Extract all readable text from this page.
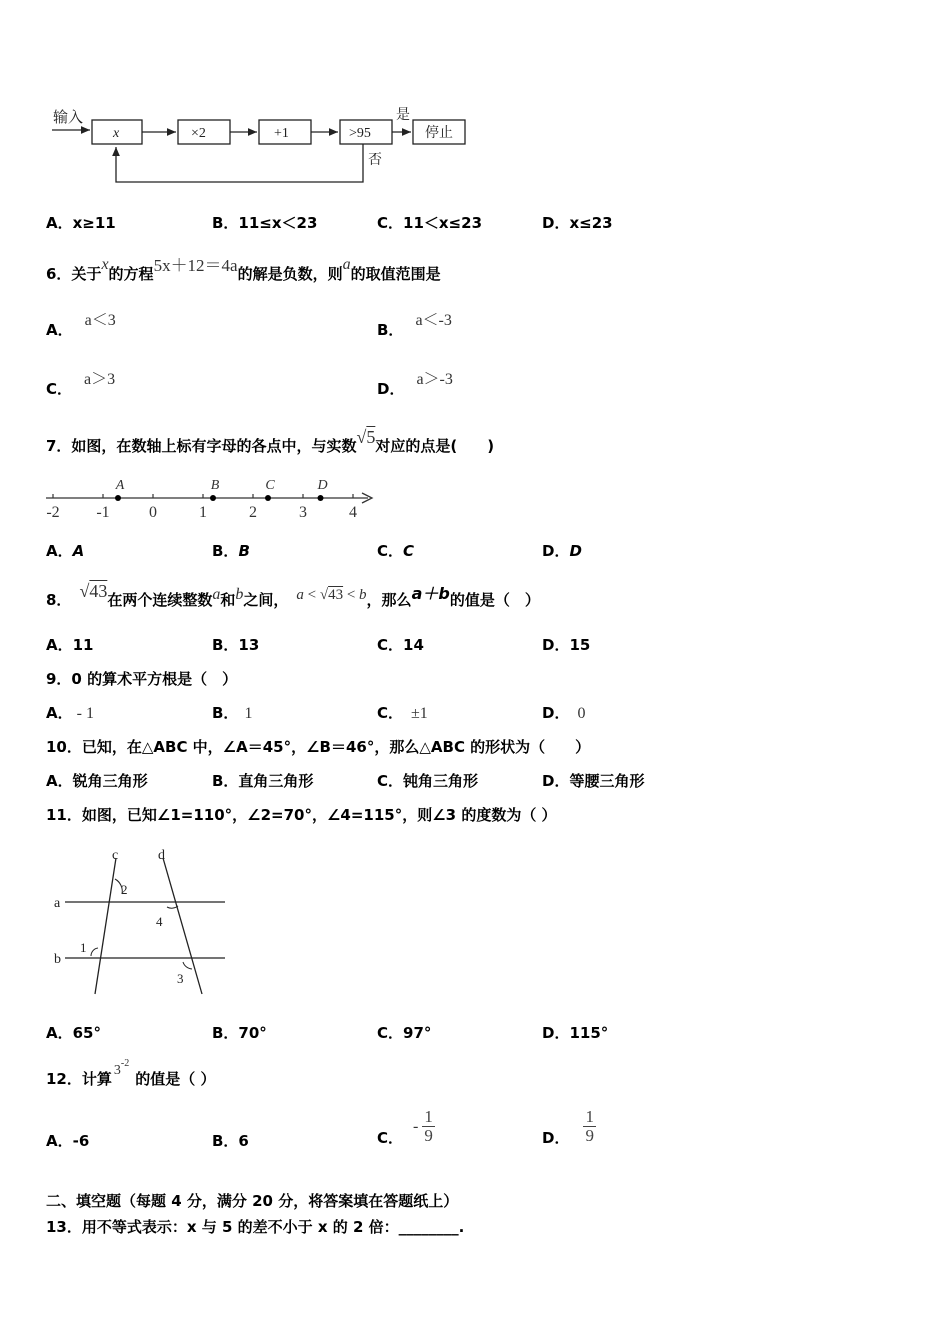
输入
x	×2	+1	>95
是
停止
否
A．x≥11	B．11≤x＜23	C．11＜x≤23	D．x≤23
6．关于x的方程5x＋12＝4a的解是负数，则a的取值范围是
A．a＜3
B．a＜-3
C．a＞3
D．a＞-3
7．如图，在数轴上标有字母的各点中，与实数√5对应的点是(　　)
-2 -1 0	1	2	3	4
A	B	C	D
A．A	B．B	C．C	D．D
8． √43在两个连续整数a和b之间， a < √43 < b，那么a＋b的值是（　）
A．11	B．13	C．14	D．15
9．0 的算术平方根是（　）
A． - 1	B． 1	C． ±1	D． 0
10．已知，在△ABC 中，∠A＝45°，∠B＝46°，那么△ABC 的形状为（　　）
A．锐角三角形	B．直角三角形	C．钝角三角形	D．等腰三角形
11．如图，已知∠1=110°，∠2=70°，∠4=115°，则∠3 的度数为（ ）
a
b
c	d
2
4
1
3
A．65°	B．70°	C．97°	D．115°
12．计算 $3^{-2}$的值是（ ）
A．-6	B．6	C．- $\frac{1}{9}$	D． $\frac{1}{9}$
二、填空题（每题 4 分，满分 20 分，将答案填在答题纸上）
13．用不等式表示：x 与 5 的差不小于 x 的 2 倍：________.
